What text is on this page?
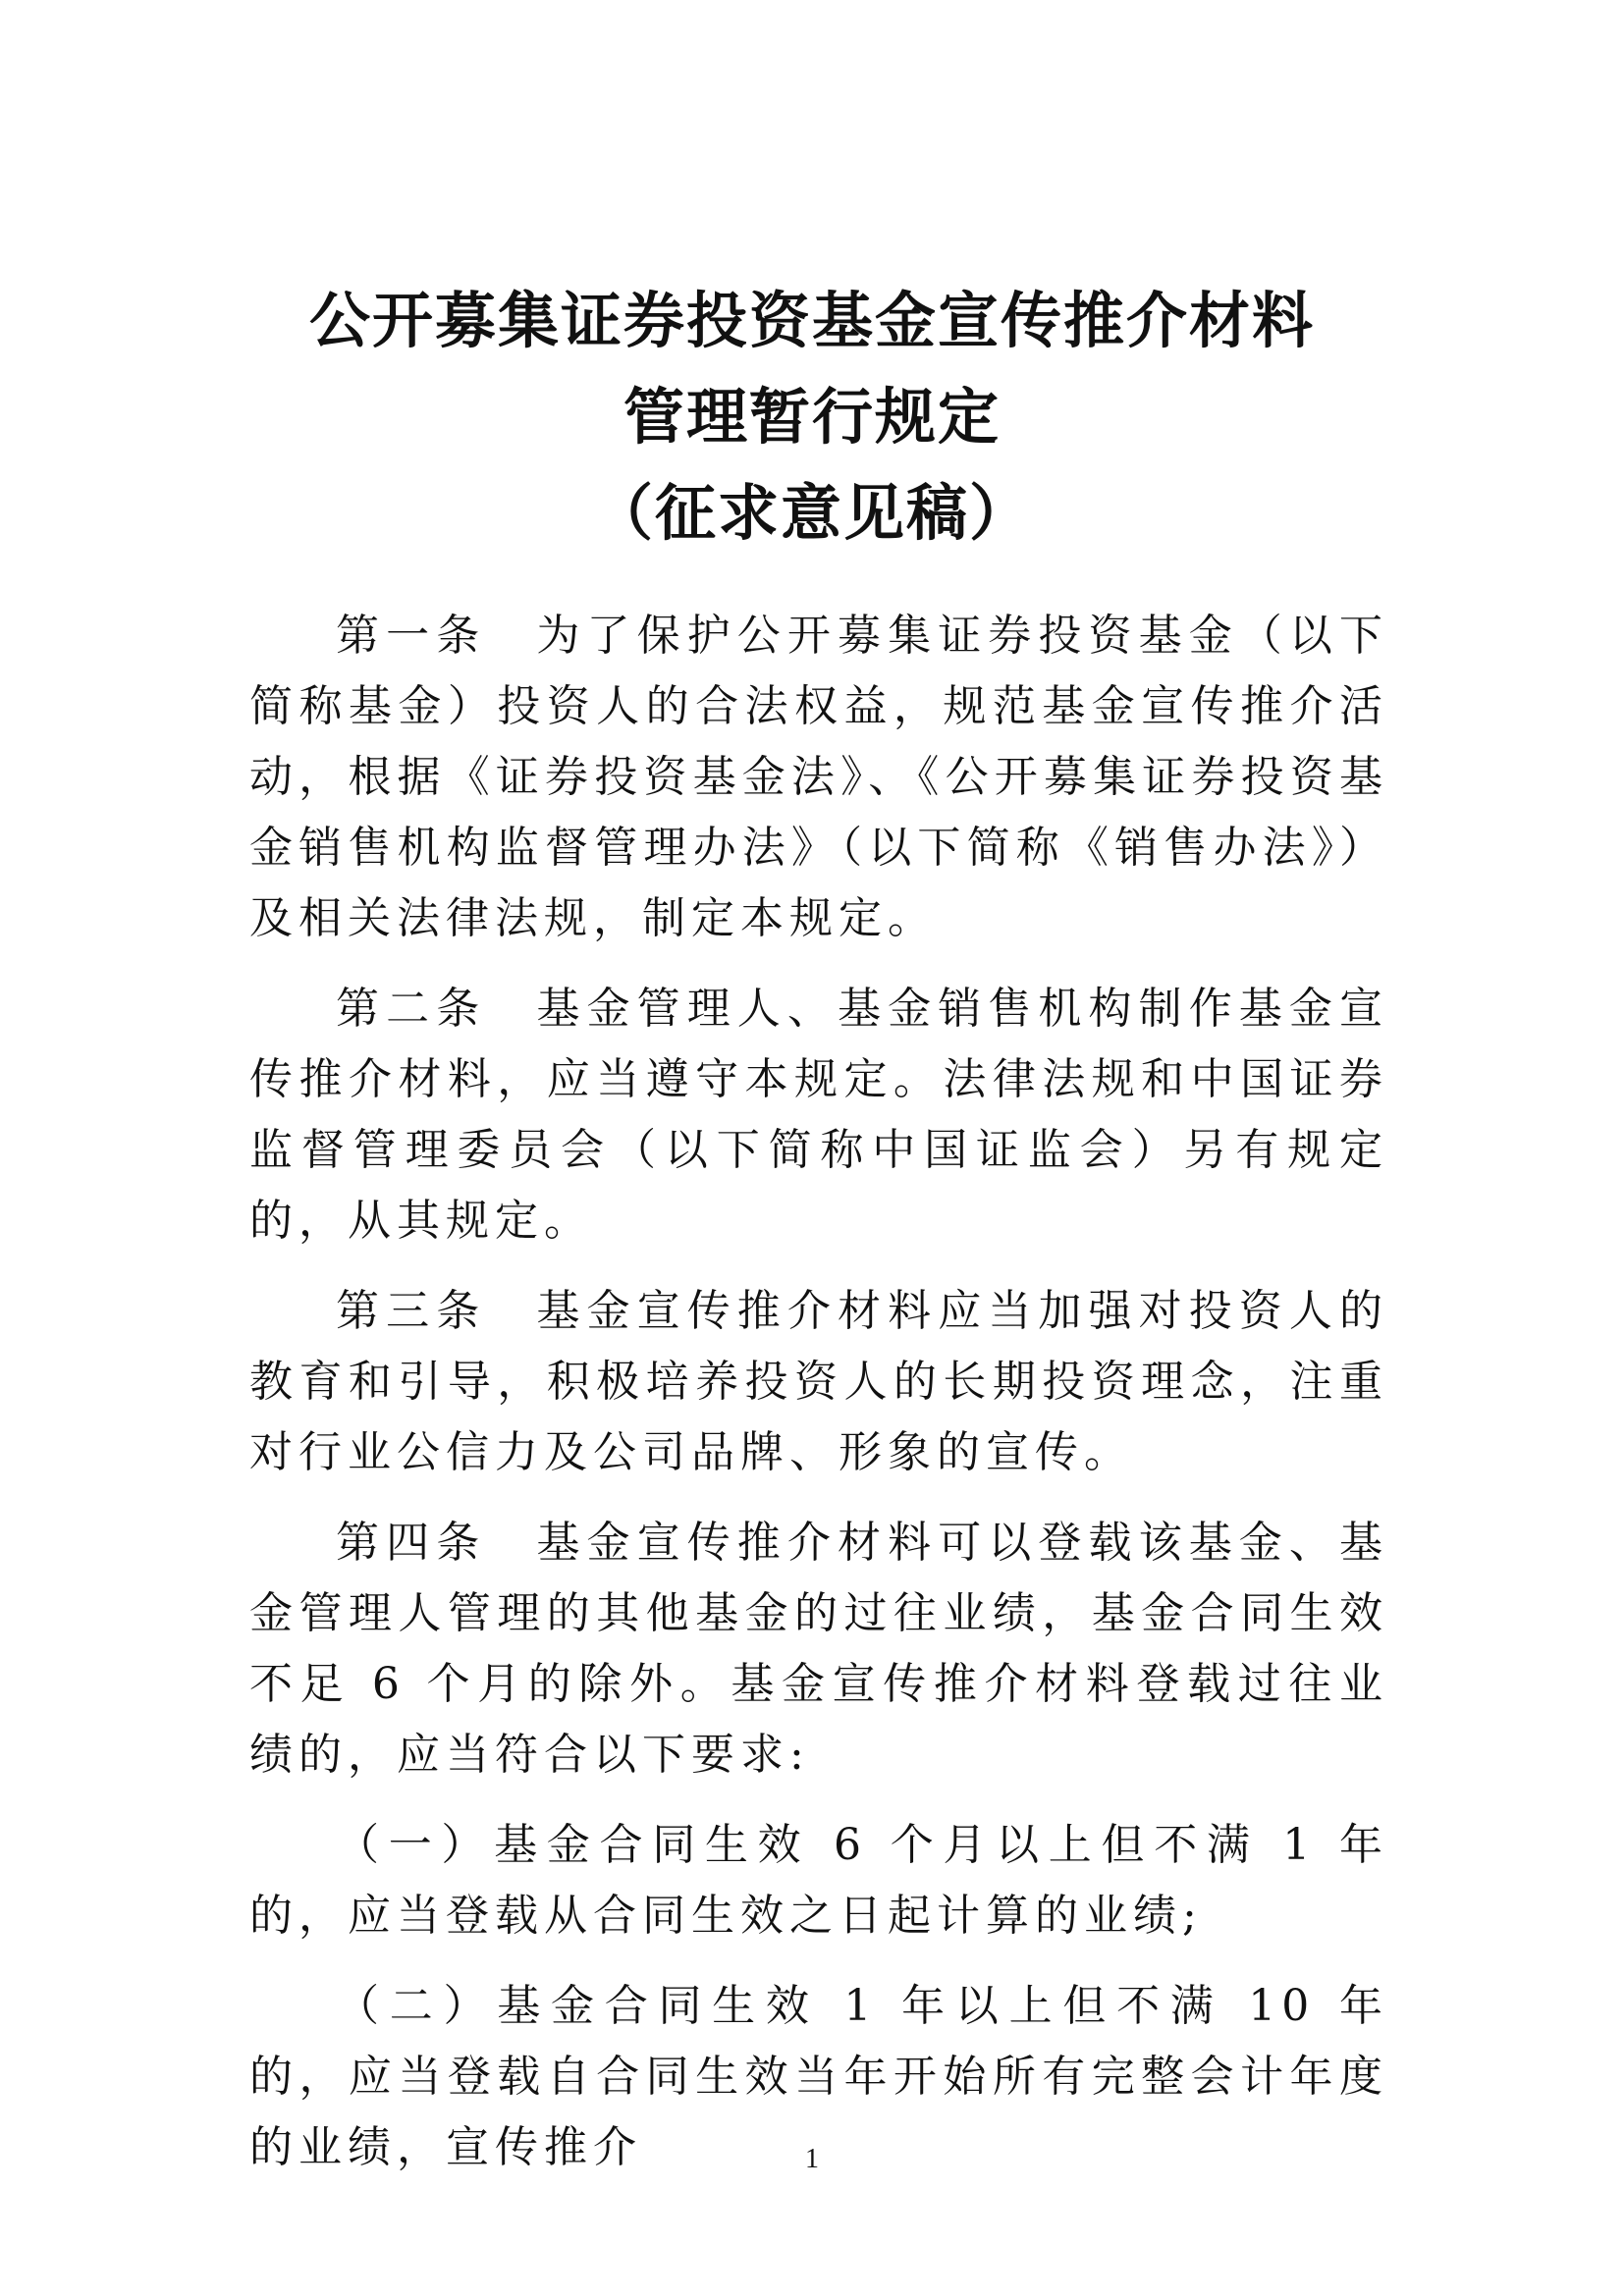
公开募集证券投资基金宣传推介材料
管理暂行规定
（征求意见稿）

第一条　为了保护公开募集证券投资基金（以下简称基金）投资人的合法权益，规范基金宣传推介活动，根据《证券投资基金法》、《公开募集证券投资基金销售机构监督管理办法》（以下简称《销售办法》）及相关法律法规，制定本规定。

第二条　基金管理人、基金销售机构制作基金宣传推介材料，应当遵守本规定。法律法规和中国证券监督管理委员会（以下简称中国证监会）另有规定的，从其规定。

第三条　基金宣传推介材料应当加强对投资人的教育和引导，积极培养投资人的长期投资理念，注重对行业公信力及公司品牌、形象的宣传。

第四条　基金宣传推介材料可以登载该基金、基金管理人管理的其他基金的过往业绩，基金合同生效不足 6 个月的除外。基金宣传推介材料登载过往业绩的，应当符合以下要求:

（一）基金合同生效 6 个月以上但不满 1 年的，应当登载从合同生效之日起计算的业绩;

（二）基金合同生效 1 年以上但不满 10 年的，应当登载自合同生效当年开始所有完整会计年度的业绩，宣传推介	1
